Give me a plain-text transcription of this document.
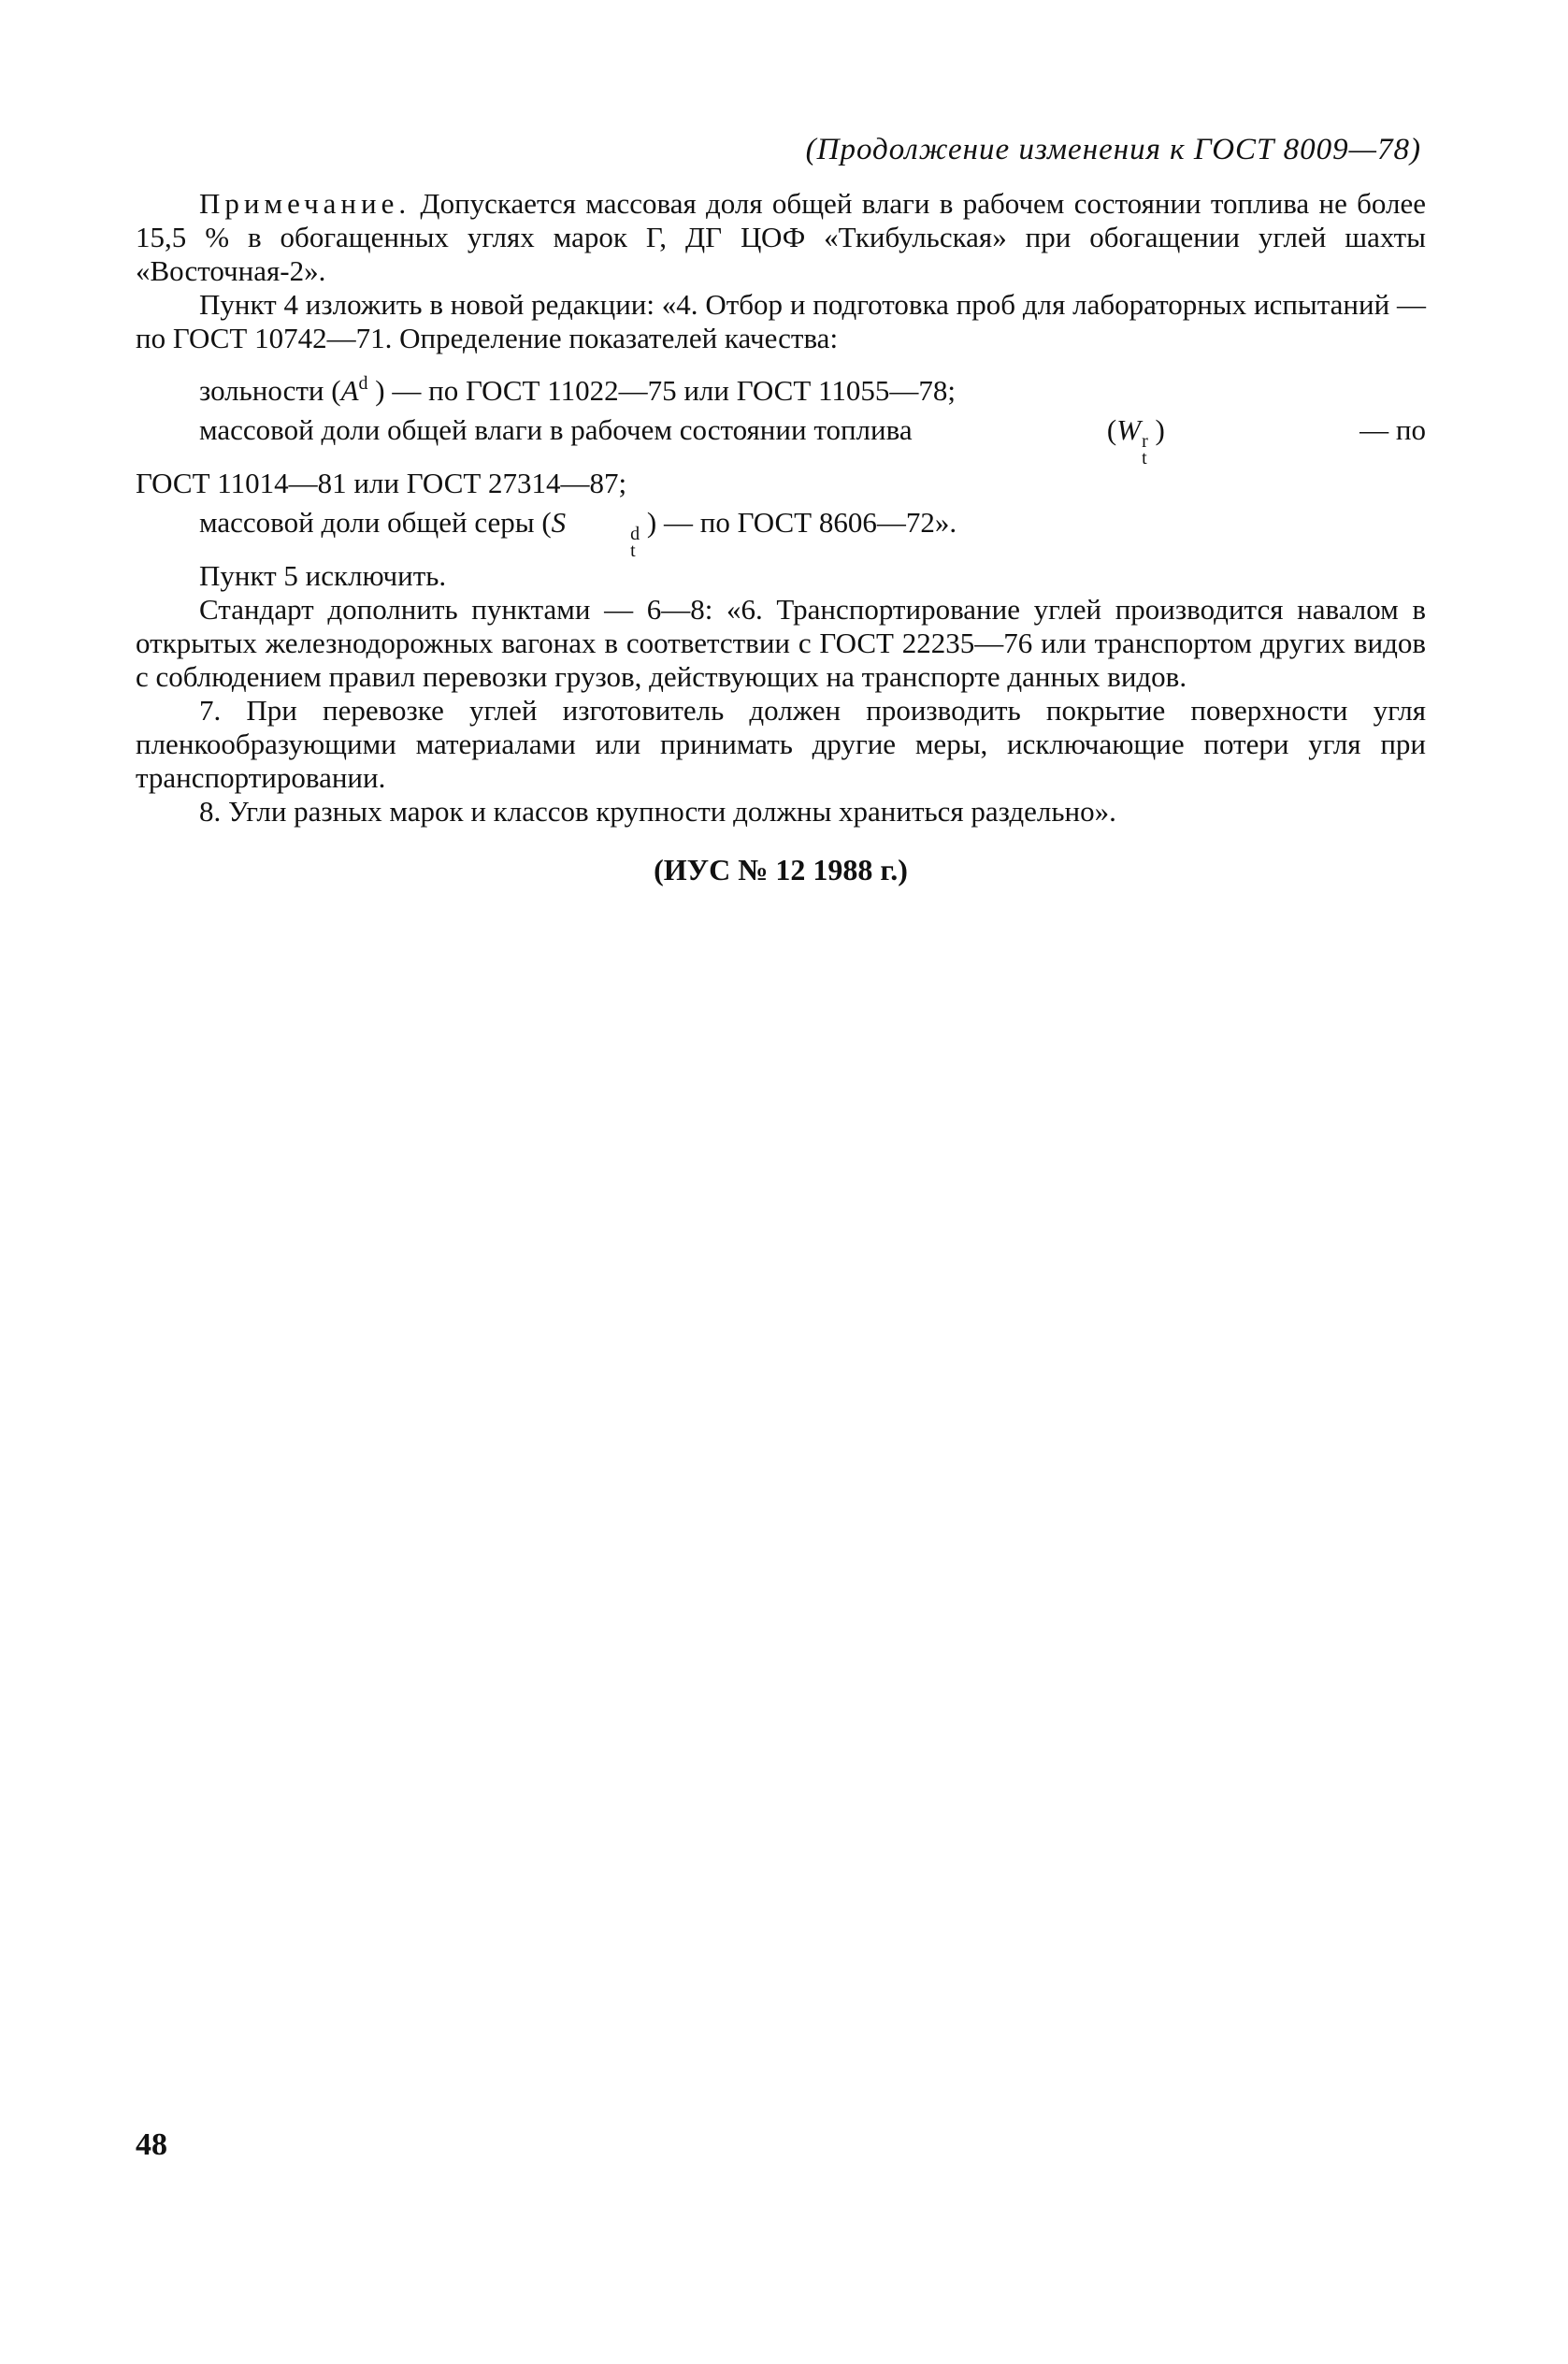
(Продолжение изменения к ГОСТ 8009—78)

Примечание. Допускается массовая доля общей влаги в рабочем состоянии топлива не более 15,5 % в обогащенных углях марок Г, ДГ ЦОФ «Ткибульская» при обогащении углей шахты «Восточная-2».

Пункт 4 изложить в новой редакции: «4. Отбор и подготовка проб для лабораторных испытаний — по ГОСТ 10742—71. Определение показателей качества:

зольности ($A^d$ ) — по ГОСТ 11022—75 или ГОСТ 11055—78;

массовой доли общей влаги в рабочем состоянии топлива	(W r
t
)	— по

ГОСТ 11014—81 или ГОСТ 27314—87;

массовой доли общей серы (S	d
t
) — по ГОСТ 8606—72».

Пункт 5 исключить.

Стандарт дополнить пунктами — 6—8: «6. Транспортирование углей производится навалом в открытых железнодорожных вагонах в соответствии с ГОСТ 22235—76 или транспортом других видов с соблюдением правил перевозки грузов, действующих на транспорте данных видов.

7. При перевозке углей изготовитель должен производить покрытие поверхности угля пленкообразующими материалами или принимать другие меры, исключающие потери угля при транспортировании.

8. Угли разных марок и классов крупности должны храниться раздельно».

(ИУС № 12 1988 г.)
48
